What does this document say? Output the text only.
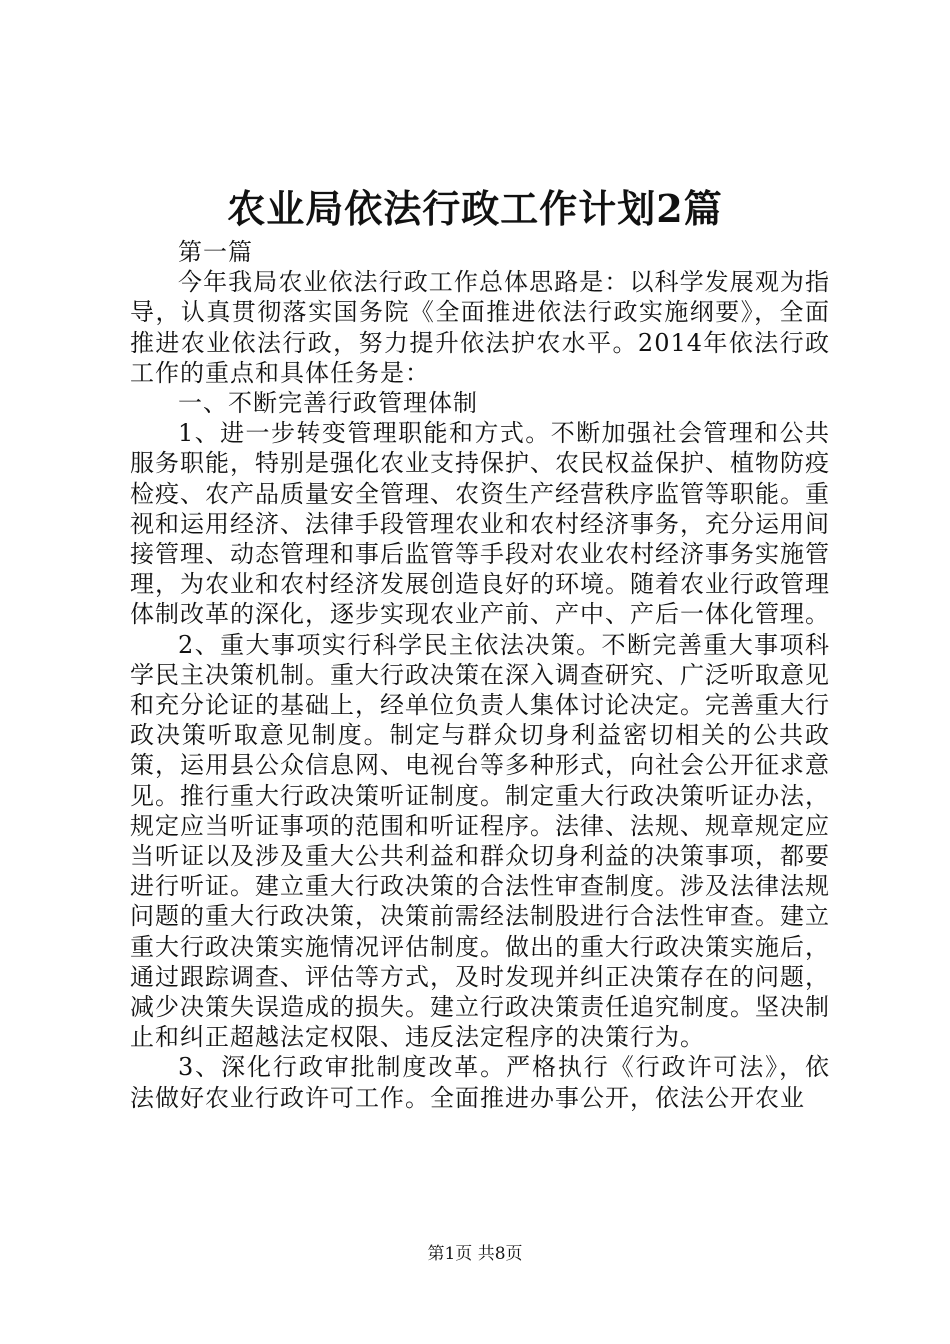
农业局依法行政工作计划2篇

第一篇

今年我局农业依法行政工作总体思路是：以科学发展观为指导，认真贯彻落实国务院《全面推进依法行政实施纲要》，全面推进农业依法行政，努力提升依法护农水平。2014年依法行政工作的重点和具体任务是：

一、不断完善行政管理体制

1、进一步转变管理职能和方式。不断加强社会管理和公共服务职能，特别是强化农业支持保护、农民权益保护、植物防疫检疫、农产品质量安全管理、农资生产经营秩序监管等职能。重视和运用经济、法律手段管理农业和农村经济事务，充分运用间接管理、动态管理和事后监管等手段对农业农村经济事务实施管理，为农业和农村经济发展创造良好的环境。随着农业行政管理体制改革的深化，逐步实现农业产前、产中、产后一体化管理。

2、重大事项实行科学民主依法决策。不断完善重大事项科学民主决策机制。重大行政决策在深入调查研究、广泛听取意见和充分论证的基础上，经单位负责人集体讨论决定。完善重大行政决策听取意见制度。制定与群众切身利益密切相关的公共政策，运用县公众信息网、电视台等多种形式，向社会公开征求意见。推行重大行政决策听证制度。制定重大行政决策听证办法，规定应当听证事项的范围和听证程序。法律、法规、规章规定应当听证以及涉及重大公共利益和群众切身利益的决策事项，都要进行听证。建立重大行政决策的合法性审查制度。涉及法律法规问题的重大行政决策，决策前需经法制股进行合法性审查。建立重大行政决策实施情况评估制度。做出的重大行政决策实施后，通过跟踪调查、评估等方式，及时发现并纠正决策存在的问题，减少决策失误造成的损失。建立行政决策责任追究制度。坚决制止和纠正超越法定权限、违反法定程序的决策行为。

3、深化行政审批制度改革。严格执行《行政许可法》，依法做好农业行政许可工作。全面推进办事公开，依法公开农业

第1页 共8页
